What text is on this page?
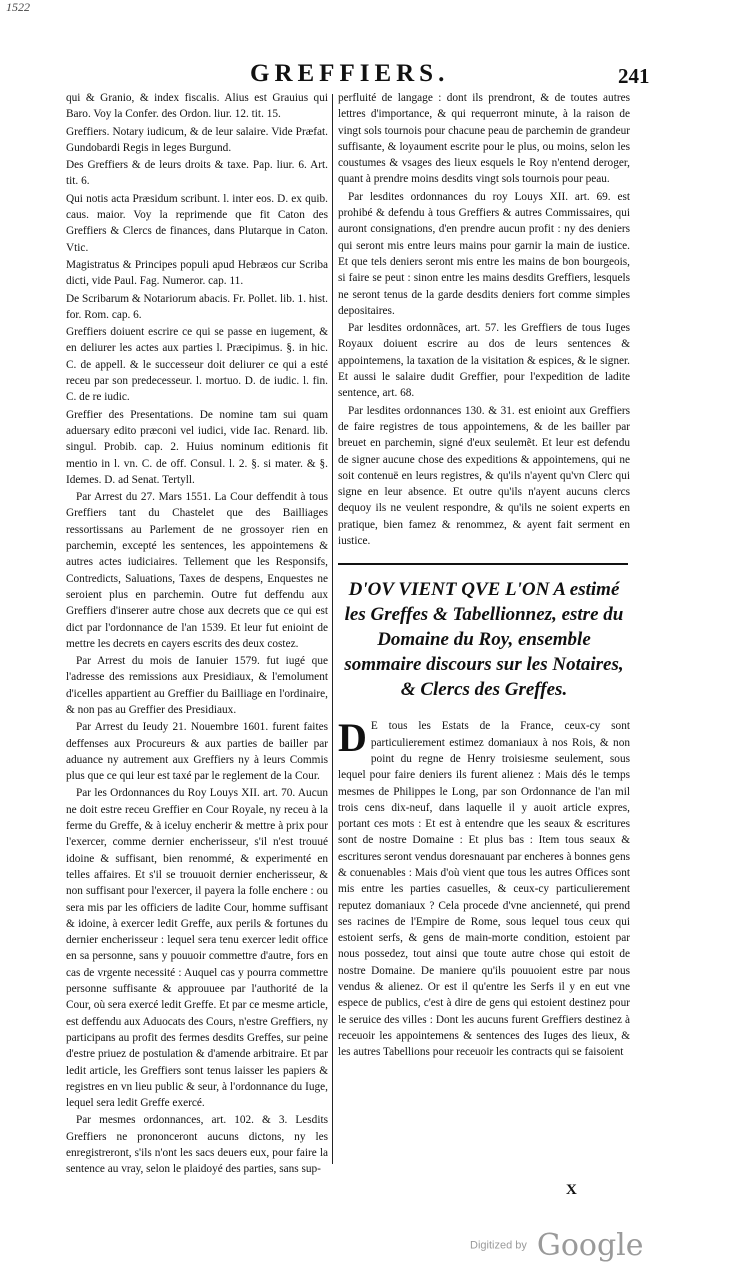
1522
GREFFIERS.	241

qui & Granio, & index fiscalis. Alius est Grauius qui Baro. Voy la Confer. des Ordon. liur. 12. tit. 15.

Greffiers. Notary iudicum, & de leur salaire. Vide Præfat. Gundobardi Regis in leges Burgund.

Des Greffiers & de leurs droits & taxe. Pap. liur. 6. Art. tit. 6.

Qui notis acta Præsidum scribunt. l. inter eos. D. ex quib. caus. maior. Voy la reprimende que fit Caton des Greffiers & Clercs de finances, dans Plutarque in Caton. Vtic.

Magistratus & Principes populi apud Hebræos cur Scriba dicti, vide Paul. Fag. Numeror. cap. 11.

De Scribarum & Notariorum abacis. Fr. Pollet. lib. 1. hist. for. Rom. cap. 6.

Greffiers doiuent escrire ce qui se passe en iugement, & en deliurer les actes aux parties l. Præcipimus. §. in hic. C. de appell. & le successeur doit deliurer ce qui a esté receu par son predecesseur. l. mortuo. D. de iudic. l. fin. C. de re iudic.

Greffier des Presentations. De nomine tam sui quam aduersary edito præconi vel iudici, vide Iac. Renard. lib. singul. Probib. cap. 2. Huius nominum editionis fit mentio in l. vn. C. de off. Consul. l. 2. §. si mater. & §. Idemes. D. ad Senat. Tertyll.

Par Arrest du 27. Mars 1551. La Cour deffendit à tous Greffiers tant du Chastelet que des Bailliages ressortissans au Parlement de ne grossoyer rien en parchemin, excepté les sentences, les appointemens & autres actes iudiciaires. Tellement que les Responsifs, Contredicts, Saluations, Taxes de despens, Enquestes ne seroient plus en parchemin. Outre fut deffendu aux Greffiers d'inserer autre chose aux decrets que ce qui est dict par l'ordonnance de l'an 1539. Et leur fut enioint de mettre les decrets en cayers escrits des deux costez.

Par Arrest du mois de Ianuier 1579. fut iugé que l'adresse des remissions aux Presidiaux, & l'emolument d'icelles appartient au Greffier du Bailliage en l'ordinaire, & non pas au Greffier des Presidiaux.

Par Arrest du Ieudy 21. Nouembre 1601. furent faites deffenses aux Procureurs & aux parties de bailler par aduance ny autrement aux Greffiers ny à leurs Commis plus que ce qui leur est taxé par le reglement de la Cour.

Par les Ordonnances du Roy Louys XII. art. 70. Aucun ne doit estre receu Greffier en Cour Royale, ny receu à la ferme du Greffe, & à iceluy encherir & mettre à prix pour l'exercer, comme dernier encherisseur, s'il n'est trouué idoine & suffisant, bien renommé, & experimenté en telles affaires. Et s'il se trouuoit dernier encherisseur, & non suffisant pour l'exercer, il payera la folle enchere : ou sera mis par les officiers de ladite Cour, homme suffisant & idoine, à exercer ledit Greffe, aux perils & fortunes du dernier encherisseur : lequel sera tenu exercer ledit office en sa personne, sans y pouuoir commettre d'autre, fors en cas de vrgente necessité : Auquel cas y pourra commettre personne suffisante & approuuee par l'authorité de la Cour, où sera exercé ledit Greffe. Et par ce mesme article, est deffendu aux Aduocats des Cours, n'estre Greffiers, ny participans au profit des fermes desdits Greffes, sur peine d'estre priuez de postulation & d'amende arbitraire. Et par ledit article, les Greffiers sont tenus laisser les papiers & registres en vn lieu public & seur, à l'ordonnance du Iuge, lequel sera ledit Greffe exercé.

Par mesmes ordonnances, art. 102. & 3. Lesdits Greffiers ne prononceront aucuns dictons, ny les enregistreront, s'ils n'ont les sacs deuers eux, pour faire la sentence au vray, selon le plaidoyé des parties, sans sup-

perfluité de langage : dont ils prendront, & de toutes autres lettres d'importance, & qui requerront minute, à la raison de vingt sols tournois pour chacune peau de parchemin de grandeur suffisante, & loyaument escrite pour le plus, ou moins, selon les coustumes & vsages des lieux esquels le Roy n'entend deroger, quant à prendre moins desdits vingt sols tournois pour peau.

Par lesdites ordonnances du roy Louys XII. art. 69. est prohibé & defendu à tous Greffiers & autres Commissaires, qui auront consignations, d'en prendre aucun profit : ny des deniers qui seront mis entre leurs mains pour garnir la main de iustice. Et que tels deniers seront mis entre les mains de bon bourgeois, si faire se peut : sinon entre les mains desdits Greffiers, lesquels ne seront tenus de la garde desdits deniers fort comme simples depositaires.

Par lesdites ordonnãces, art. 57. les Greffiers de tous Iuges Royaux doiuent escrire au dos de leurs sentences & appointemens, la taxation de la visitation & espices, & le signer. Et aussi le salaire dudit Greffier, pour l'expedition de ladite sentence, art. 68.

Par lesdites ordonnances 130. & 31. est enioint aux Greffiers de faire registres de tous appointemens, & de les bailler par breuet en parchemin, signé d'eux seulemẽt. Et leur est defendu de signer aucune chose des expeditions & appointemens, qui ne soit contenuë en leurs registres, & qu'ils n'ayent qu'vn Clerc qui signe en leur absence. Et outre qu'ils n'ayent aucuns clercs dequoy ils ne veulent respondre, & qu'ils ne soient experts en pratique, bien famez & renommez, & ayent fait serment en iustice.

D'OV VIENT QVE L'ON A estimé les Greffes & Tabellionnez, estre du Domaine du Roy, ensemble sommaire discours sur les Notaires, & Clercs des Greffes.

D E tous les Estats de la France, ceux-cy sont particulierement estimez domaniaux à nos Rois, & non point du regne de Henry troisiesme seulement, sous lequel pour faire deniers ils furent alienez : Mais dés le temps mesmes de Philippes le Long, par son Ordonnance de l'an mil trois cens dix-neuf, dans laquelle il y auoit article expres, portant ces mots : Et est à entendre que les seaux & escritures sont de nostre Domaine : Et plus bas : Item tous seaux & escritures seront vendus doresnauant par encheres à bonnes gens & conuenables : Mais d'où vient que tous les autres Offices sont mis entre les parties casuelles, & ceux-cy particulierement reputez domaniaux ? Cela procede d'vne ancienneté, qui prend ses racines de l'Empire de Rome, sous lequel tous ceux qui estoient serfs, & gens de main-morte condition, estoient par nous possedez, tout ainsi que toute autre chose qui estoit de nostre Domaine. De maniere qu'ils pouuoient estre par nous vendus & alienez. Or est il qu'entre les Serfs il y en eut vne espece de publics, c'est à dire de gens qui estoient destinez pour le seruice des villes : Dont les aucuns furent Greffiers destinez à receuoir les appointemens & sentences des Iuges des lieux, & les autres Tabellions pour receuoir les contracts qui se faisoient

X
Digitized by Google
